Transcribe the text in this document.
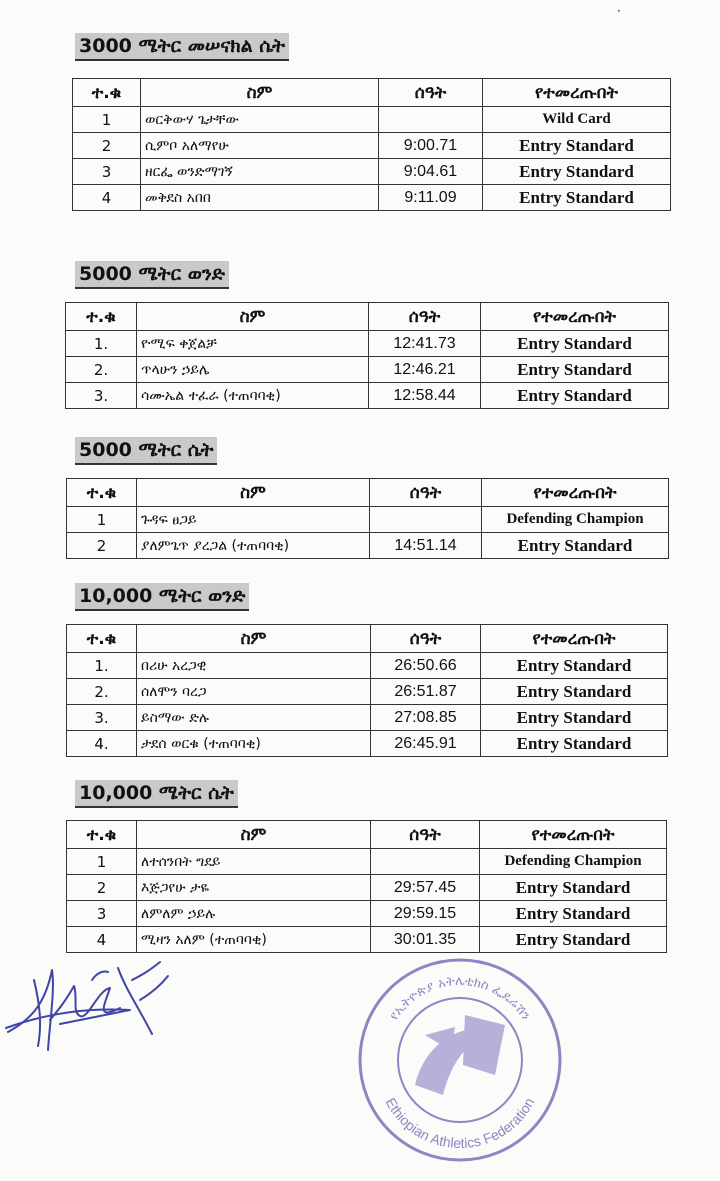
·
3000 ሜትር መሠናክል ሴት
ተ.ቁ	ስም	ሰዓት	የተመረጡበት
1	ወርቅውሃ ጌታቸው		Wild Card
2	ሲምቦ አለማየሁ	9:00.71	Entry Standard
3	ዘርፌ ወንድማገኝ	9:04.61	Entry Standard
4	መቅደስ አበበ	9:11.09	Entry Standard
5000 ሜትር ወንድ
ተ.ቁ	ስም	ሰዓት	የተመረጡበት
1.	ዮሚፍ ቀጀልቻ	12:41.73	Entry Standard
2.	ጥላሁን ኃይሌ	12:46.21	Entry Standard
3.	ሳሙኤል ተፈራ (ተጠባባቂ)	12:58.44	Entry Standard
5000 ሜትር ሴት
ተ.ቁ	ስም	ሰዓት	የተመረጡበት
1	ጉዳፍ ፀጋይ		Defending Champion
2	ያለምጌጥ ያረጋል (ተጠባባቂ)	14:51.14	Entry Standard
10,000 ሜትር ወንድ
ተ.ቁ	ስም	ሰዓት	የተመረጡበት
1.	በሪሁ አረጋዊ	26:50.66	Entry Standard
2.	ሰለሞን ባረጋ	26:51.87	Entry Standard
3.	ይስማው ድሉ	27:08.85	Entry Standard
4.	ታደሰ ወርቁ (ተጠባባቂ)	26:45.91	Entry Standard
10,000 ሜትር ሴት
ተ.ቁ	ስም	ሰዓት	የተመረጡበት
1	ለተሰንበት ግደይ		Defending Champion
2	እጅጋየሁ ታዬ	29:57.45	Entry Standard
3	ለምለም ኃይሉ	29:59.15	Entry Standard
4	ሚዛን አለም (ተጠባባቂ)	30:01.35	Entry Standard
የኢትዮጵያ አትሌቲክስ ፌዴሬሽን
Ethiopian Athletics Federation
